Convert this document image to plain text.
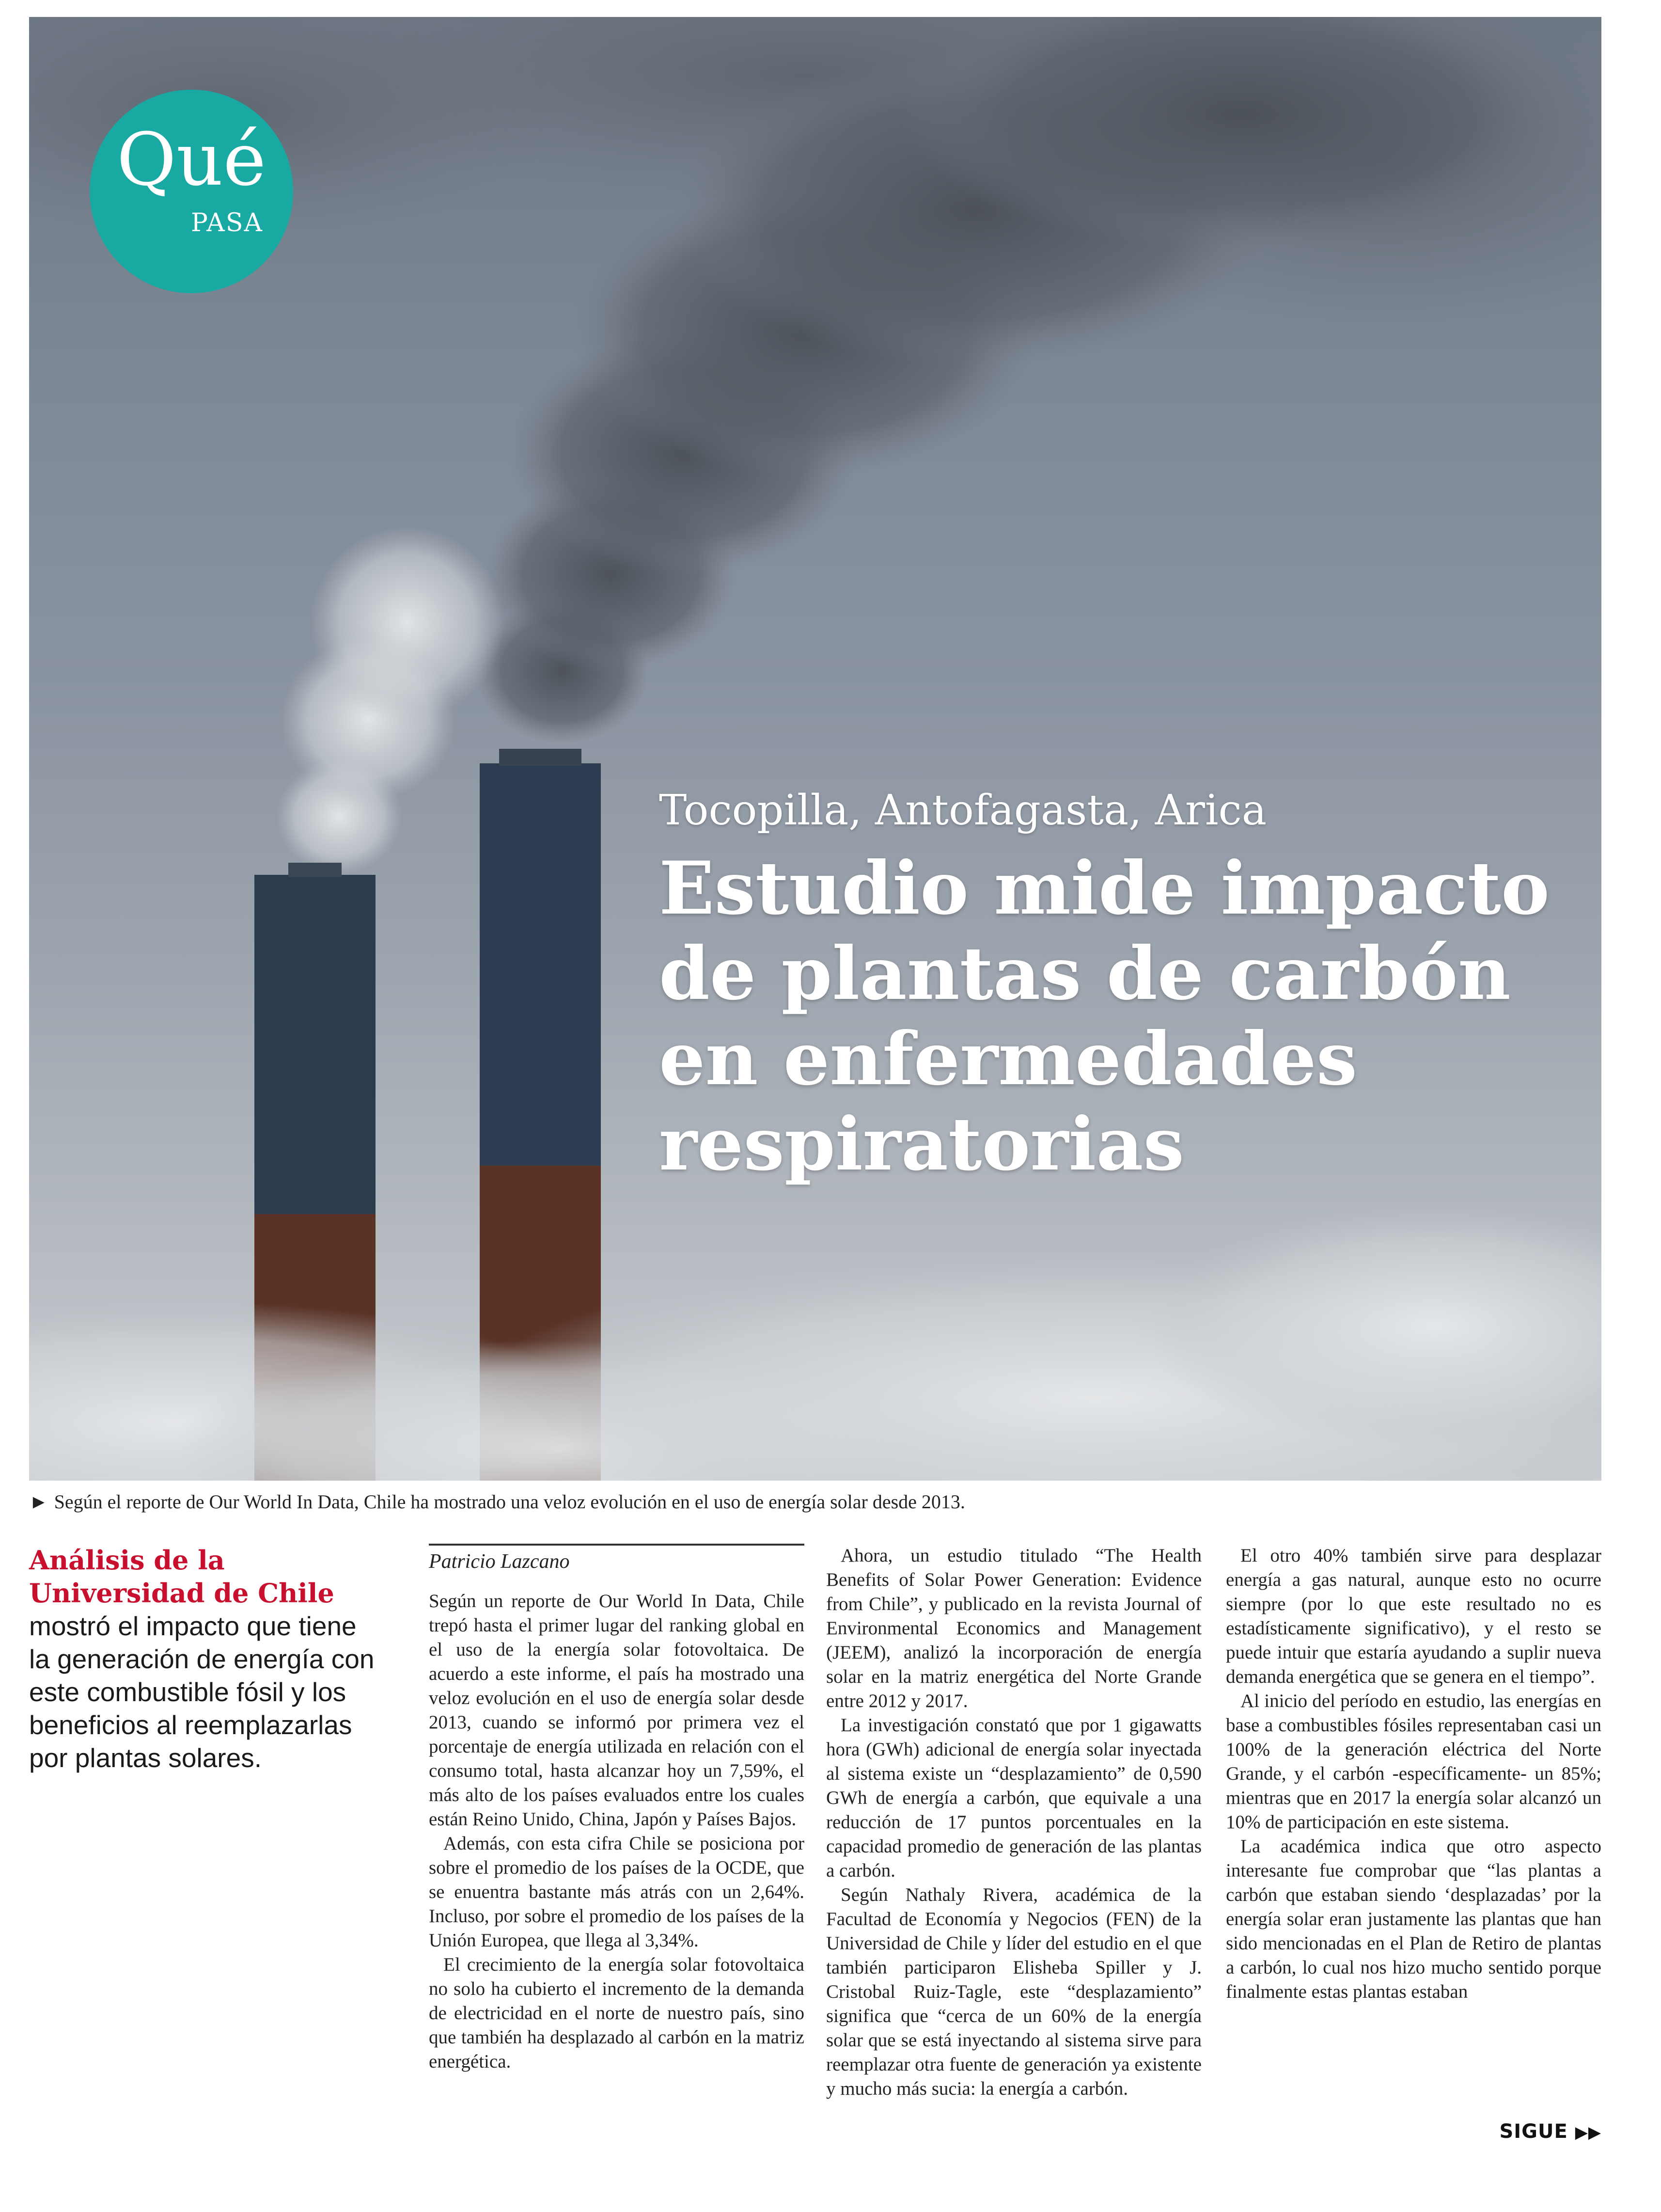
Qué
PASA
Tocopilla, Antofagasta, Arica
Estudio mide impacto de plantas de carbón en enfermedades respiratorias
► Según el reporte de Our World In Data, Chile ha mostrado una veloz evolución en el uso de energía solar desde 2013.
Análisis de la Universidad de Chile mostró el impacto que tiene la generación de energía con este combustible fósil y los beneficios al reemplazarlas por plantas solares.
Patricio Lazcano

Según un reporte de Our World In Data, Chile trepó hasta el primer lugar del ranking global en el uso de la energía solar fotovoltaica. De acuerdo a este informe, el país ha mostrado una veloz evolución en el uso de energía solar desde 2013, cuando se informó por primera vez el porcentaje de energía utilizada en relación con el consumo total, hasta alcanzar hoy un 7,59%, el más alto de los países evaluados entre los cuales están Reino Unido, China, Japón y Países Bajos.

Además, con esta cifra Chile se posiciona por sobre el promedio de los países de la OCDE, que se enuentra bastante más atrás con un 2,64%. Incluso, por sobre el promedio de los países de la Unión Europea, que llega al 3,34%.

El crecimiento de la energía solar fotovoltaica no solo ha cubierto el incremento de la demanda de electricidad en el norte de nuestro país, sino que también ha desplazado al carbón en la matriz energética.

Ahora, un estudio titulado “The Health Benefits of Solar Power Generation: Evidence from Chile”, y publicado en la revista Journal of Environmental Economics and Management (JEEM), analizó la incorporación de energía solar en la matriz energética del Norte Grande entre 2012 y 2017.

La investigación constató que por 1 gigawatts hora (GWh) adicional de energía solar inyectada al sistema existe un “desplazamiento” de 0,590 GWh de energía a carbón, que equivale a una reducción de 17 puntos porcentuales en la capacidad promedio de generación de las plantas a carbón.

Según Nathaly Rivera, académica de la Facultad de Economía y Negocios (FEN) de la Universidad de Chile y líder del estudio en el que también participaron Elisheba Spiller y J. Cristobal Ruiz-Tagle, este “desplazamiento” significa que “cerca de un 60% de la energía solar que se está inyectando al sistema sirve para reemplazar otra fuente de generación ya existente y mucho más sucia: la energía a carbón.

El otro 40% también sirve para desplazar energía a gas natural, aunque esto no ocurre siempre (por lo que este resultado no es estadísticamente significativo), y el resto se puede intuir que estaría ayudando a suplir nueva demanda energética que se genera en el tiempo”.

Al inicio del período en estudio, las energías en base a combustibles fósiles representaban casi un 100% de la generación eléctrica del Norte Grande, y el carbón -específicamente- un 85%; mientras que en 2017 la energía solar alcanzó un 10% de participación en este sistema.

La académica indica que otro aspecto interesante fue comprobar que “las plantas a carbón que estaban siendo ‘desplazadas’ por la energía solar eran justamente las plantas que han sido mencionadas en el Plan de Retiro de plantas a carbón, lo cual nos hizo mucho sentido porque finalmente estas plantas estaban

SIGUE ▶▶
